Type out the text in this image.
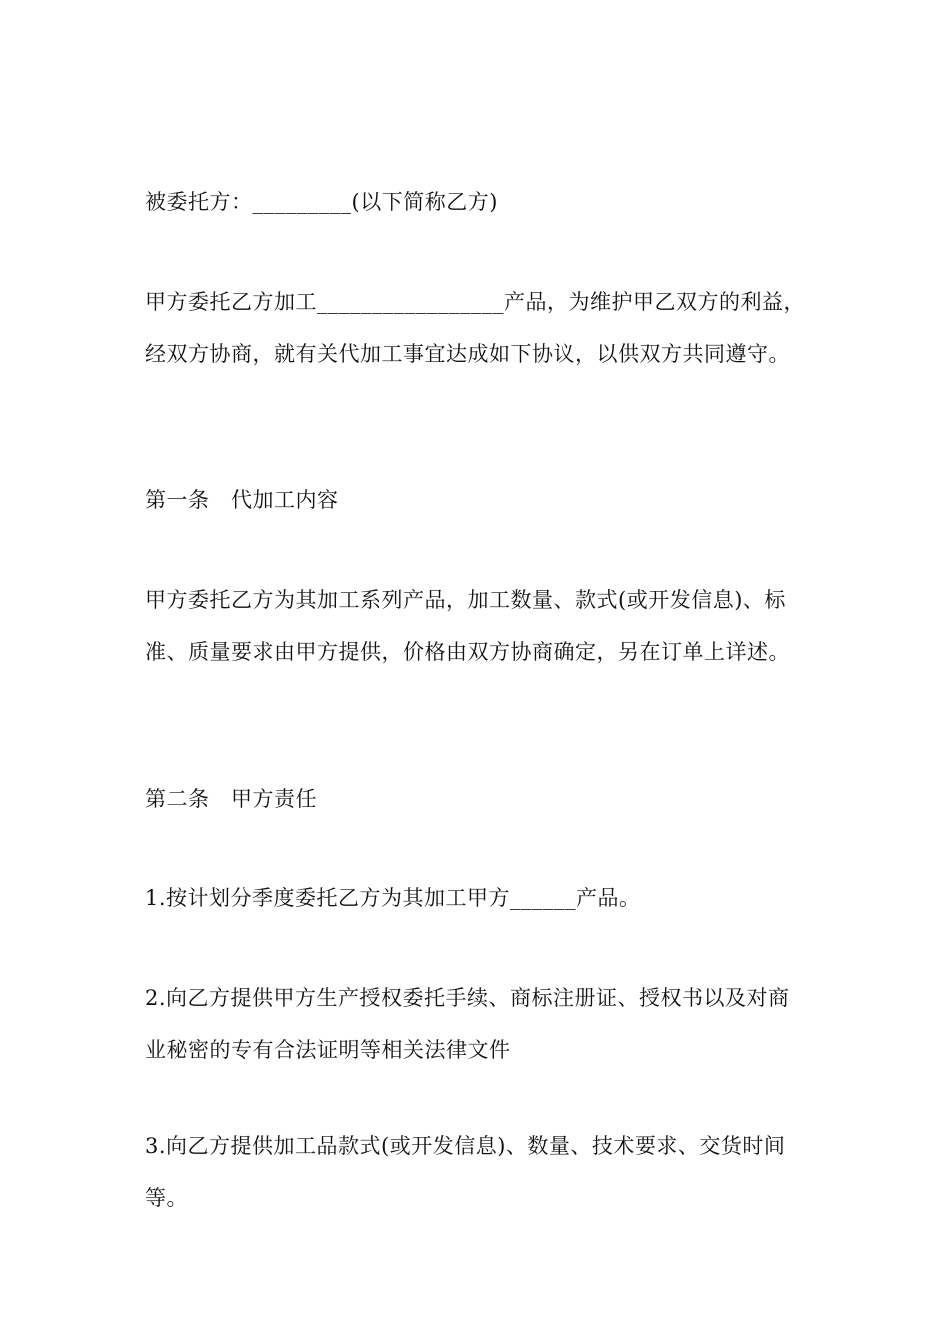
被委托方：_________(以下简称乙方)

甲方委托乙方加工_________________产品，为维护甲乙双方的利益，经双方协商，就有关代加工事宜达成如下协议，以供双方共同遵守。

第一条　代加工内容

甲方委托乙方为其加工系列产品，加工数量、款式(或开发信息)、标准、质量要求由甲方提供，价格由双方协商确定，另在订单上详述。

第二条　甲方责任

1.按计划分季度委托乙方为其加工甲方______产品。

2.向乙方提供甲方生产授权委托手续、商标注册证、授权书以及对商业秘密的专有合法证明等相关法律文件

3.向乙方提供加工品款式(或开发信息)、数量、技术要求、交货时间等。
